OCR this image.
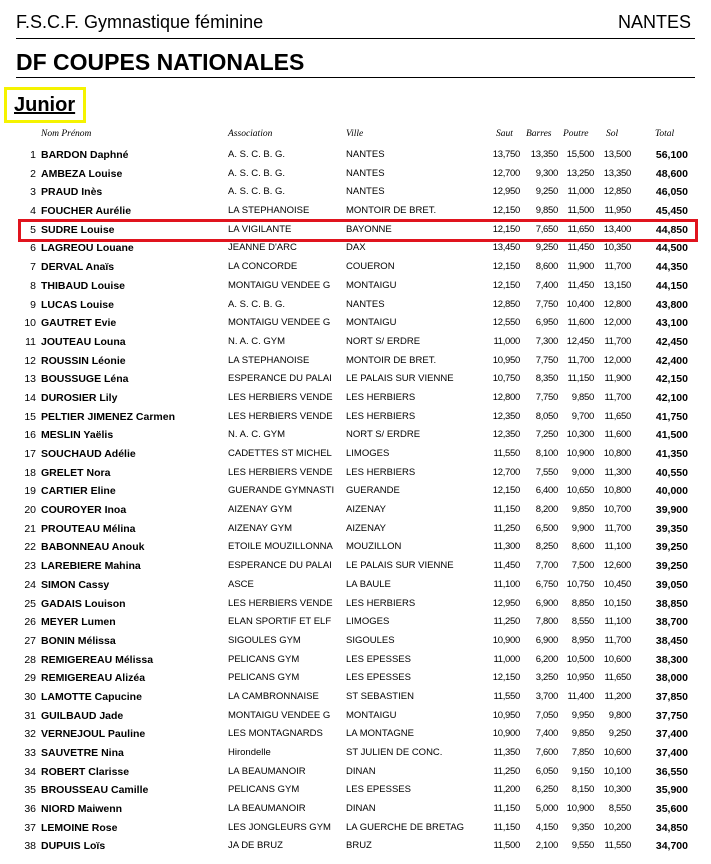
F.S.C.F. Gymnastique féminine	NANTES
DF COUPES NATIONALES
Junior
Nom Prénom	Association	Ville	Saut Barres Poutre Sol	Total
1 BARDON Daphné	A. S. C. B. G.	NANTES	13,750 13,350 15,500 13,500 56,100
2 AMBEZA Louise	A. S. C. B. G.	NANTES	12,700 9,300 13,250 13,350 48,600
3 PRAUD Inès	A. S. C. B. G.	NANTES	12,950 9,250 11,000 12,850 46,050
4 FOUCHER Aurélie	LA STEPHANOISE	MONTOIR DE BRET.	12,150 9,850 11,500 11,950 45,450
5 SUDRE Louise	LA VIGILANTE	BAYONNE	12,150 7,650 11,650 13,400 44,850
6 LAGREOU Louane	JEANNE D'ARC	DAX	13,450 9,250 11,450 10,350 44,500
7 DERVAL Anaïs	LA CONCORDE	COUERON	12,150 8,600 11,900 11,700 44,350
8 THIBAUD Louise	MONTAIGU VENDEE G	MONTAIGU	12,150 7,400 11,450 13,150 44,150
9 LUCAS Louise	A. S. C. B. G.	NANTES	12,850 7,750 10,400 12,800 43,800
10 GAUTRET Evie	MONTAIGU VENDEE G	MONTAIGU	12,550 6,950 11,600 12,000 43,100
11 JOUTEAU Louna	N. A. C. GYM	NORT S/ ERDRE	11,000 7,300 12,450 11,700 42,450
12 ROUSSIN Léonie	LA STEPHANOISE	MONTOIR DE BRET.	10,950 7,750 11,700 12,000 42,400
13 BOUSSUGE Léna	ESPERANCE DU PALAI	LE PALAIS SUR VIENNE	10,750 8,350 11,150 11,900 42,150
14 DUROSIER Lily	LES HERBIERS VENDE	LES HERBIERS	12,800 7,750 9,850 11,700 42,100
15 PELTIER JIMENEZ Carmen	LES HERBIERS VENDE	LES HERBIERS	12,350 8,050 9,700 11,650 41,750
16 MESLIN Yaëlis	N. A. C. GYM	NORT S/ ERDRE	12,350 7,250 10,300 11,600 41,500
17 SOUCHAUD Adélie	CADETTES ST MICHEL	LIMOGES	11,550 8,100 10,900 10,800 41,350
18 GRELET Nora	LES HERBIERS VENDE	LES HERBIERS	12,700 7,550 9,000 11,300 40,550
19 CARTIER Eline	GUERANDE GYMNASTI	GUERANDE	12,150 6,400 10,650 10,800 40,000
20 COUROYER Inoa	AIZENAY GYM	AIZENAY	11,150 8,200 9,850 10,700 39,900
21 PROUTEAU Mélina	AIZENAY GYM	AIZENAY	11,250 6,500 9,900 11,700 39,350
22 BABONNEAU Anouk	ETOILE MOUZILLONNA	MOUZILLON	11,300 8,250 8,600 11,100 39,250
23 LAREBIERE Mahina	ESPERANCE DU PALAI	LE PALAIS SUR VIENNE	11,450 7,700 7,500 12,600 39,250
24 SIMON Cassy	ASCE	LA BAULE	11,100 6,750 10,750 10,450 39,050
25 GADAIS Louison	LES HERBIERS VENDE	LES HERBIERS	12,950 6,900 8,850 10,150 38,850
26 MEYER Lumen	ELAN SPORTIF ET ELF	LIMOGES	11,250 7,800 8,550 11,100 38,700
27 BONIN Mélissa	SIGOULES GYM	SIGOULES	10,900 6,900 8,950 11,700 38,450
28 REMIGEREAU Mélissa	PELICANS GYM	LES EPESSES	11,000 6,200 10,500 10,600 38,300
29 REMIGEREAU Alizéa	PELICANS GYM	LES EPESSES	12,150 3,250 10,950 11,650 38,000
30 LAMOTTE Capucine	LA CAMBRONNAISE	ST SEBASTIEN	11,550 3,700 11,400 11,200 37,850
31 GUILBAUD Jade	MONTAIGU VENDEE G	MONTAIGU	10,950 7,050 9,950 9,800 37,750
32 VERNEJOUL Pauline	LES MONTAGNARDS	LA MONTAGNE	10,900 7,400 9,850 9,250 37,400
33 SAUVETRE Nina	Hirondelle	ST JULIEN DE CONC.	11,350 7,600 7,850 10,600 37,400
34 ROBERT Clarisse	LA BEAUMANOIR	DINAN	11,250 6,050 9,150 10,100 36,550
35 BROUSSEAU Camille	PELICANS GYM	LES EPESSES	11,200 6,250 8,150 10,300 35,900
36 NIORD Maiwenn	LA BEAUMANOIR	DINAN	11,150 5,000 10,900 8,550 35,600
37 LEMOINE Rose	LES JONGLEURS GYM	LA GUERCHE DE BRETAG	11,150 4,150 9,350 10,200 34,850
38 DUPUIS Loïs	JA DE BRUZ	BRUZ	11,500 2,100 9,550 11,550 34,700
